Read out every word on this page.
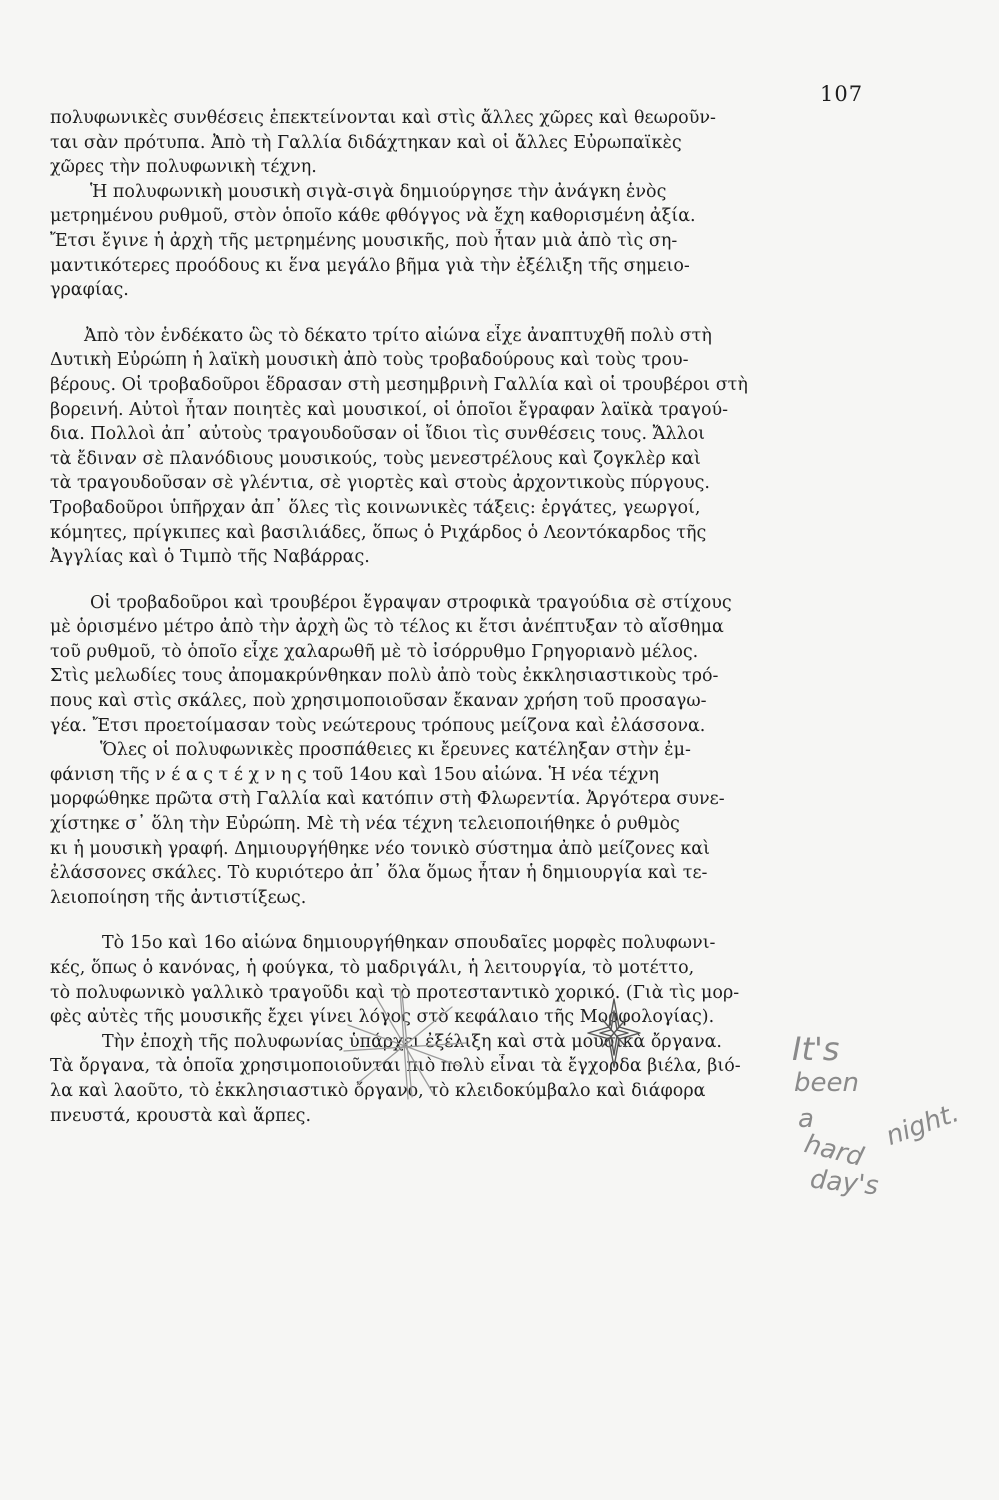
107
πολυφωνικὲς συνθέσεις ἐπεκτείνονται καὶ στὶς ἄλλες χῶρες καὶ θεωροῦν-
ται σὰν πρότυπα. Ἀπὸ τὴ Γαλλία διδάχτηκαν καὶ οἱ ἄλλες Εὐρωπαϊκὲς
χῶρες τὴν πολυφωνικὴ τέχνη.
Ἡ πολυφωνικὴ μουσικὴ σιγὰ-σιγὰ δημιούργησε τὴν ἀνάγκη ἑνὸς
μετρημένου ρυθμοῦ, στὸν ὁποῖο κάθε φθόγγος νὰ ἔχη καθορισμένη ἀξία.
Ἔτσι ἔγινε ἡ ἀρχὴ τῆς μετρημένης μουσικῆς, ποὺ ἦταν μιὰ ἀπὸ τὶς ση-
μαντικότερες προόδους κι ἕνα μεγάλο βῆμα γιὰ τὴν ἐξέλιξη τῆς σημειο-
γραφίας.
Ἀπὸ τὸν ἑνδέκατο ὣς τὸ δέκατο τρίτο αἰώνα εἶχε ἀναπτυχθῆ πολὺ στὴ
Δυτικὴ Εὐρώπη ἡ λαϊκὴ μουσικὴ ἀπὸ τοὺς τροβαδούρους καὶ τοὺς τρου-
βέρους. Οἱ τροβαδοῦροι ἕδρασαν στὴ μεσημβρινὴ Γαλλία καὶ οἱ τρουβέροι στὴ
βορεινή. Αὐτοὶ ἦταν ποιητὲς καὶ μουσικοί, οἱ ὁποῖοι ἔγραφαν λαϊκὰ τραγού-
δια. Πολλοὶ ἀπ᾽ αὐτοὺς τραγουδοῦσαν οἱ ἴδιοι τὶς συνθέσεις τους. Ἄλλοι
τὰ ἔδιναν σὲ πλανόδιους μουσικούς, τοὺς μενεστρέλους καὶ ζογκλὲρ καὶ
τὰ τραγουδοῦσαν σὲ γλέντια, σὲ γιορτὲς καὶ στοὺς ἀρχοντικοὺς πύργους.
Τροβαδοῦροι ὑπῆρχαν ἀπ᾽ ὅλες τὶς κοινωνικὲς τάξεις: ἐργάτες, γεωργοί,
κόμητες, πρίγκιπες καὶ βασιλιάδες, ὅπως ὁ Ριχάρδος ὁ Λεοντόκαρδος τῆς
Ἀγγλίας καὶ ὁ Τιμπὸ τῆς Ναβάρρας.
Οἱ τροβαδοῦροι καὶ τρουβέροι ἔγραψαν στροφικὰ τραγούδια σὲ στίχους
μὲ ὁρισμένο μέτρο ἀπὸ τὴν ἀρχὴ ὣς τὸ τέλος κι ἔτσι ἀνέπτυξαν τὸ αἴσθημα
τοῦ ρυθμοῦ, τὸ ὁποῖο εἶχε χαλαρωθῆ μὲ τὸ ἰσόρρυθμο Γρηγοριανὸ μέλος.
Στὶς μελωδίες τους ἀπομακρύνθηκαν πολὺ ἀπὸ τοὺς ἐκκλησιαστικοὺς τρό-
πους καὶ στὶς σκάλες, ποὺ χρησιμοποιοῦσαν ἔκαναν χρήση τοῦ προσαγω-
γέα. Ἔτσι προετοίμασαν τοὺς νεώτερους τρόπους μείζονα καὶ ἐλάσσονα.
Ὅλες οἱ πολυφωνικὲς προσπάθειες κι ἔρευνες κατέληξαν στὴν ἐμ-
φάνιση τῆς ν έ α ς τ έ χ ν η ς τοῦ 14ου καὶ 15ου αἰώνα. Ἡ νέα τέχνη
μορφώθηκε πρῶτα στὴ Γαλλία καὶ κατόπιν στὴ Φλωρεντία. Ἀργότερα συνε-
χίστηκε σ᾽ ὅλη τὴν Εὐρώπη. Μὲ τὴ νέα τέχνη τελειοποιήθηκε ὁ ρυθμὸς
κι ἡ μουσικὴ γραφή. Δημιουργήθηκε νέο τονικὸ σύστημα ἀπὸ μείζονες καὶ
ἐλάσσονες σκάλες. Τὸ κυριότερο ἀπ᾽ ὅλα ὅμως ἦταν ἡ δημιουργία καὶ τε-
λειοποίηση τῆς ἀντιστίξεως.
Τὸ 15ο καὶ 16ο αἰώνα δημιουργήθηκαν σπουδαῖες μορφὲς πολυφωνι-
κές, ὅπως ὁ κανόνας, ἡ φούγκα, τὸ μαδριγάλι, ἡ λειτουργία, τὸ μοτέττο,
τὸ πολυφωνικὸ γαλλικὸ τραγοῦδι καὶ τὸ προτεσταντικὸ χορικό. (Γιὰ τὶς μορ-
φὲς αὐτὲς τῆς μουσικῆς ἔχει γίνει λόγος στὸ κεφάλαιο τῆς Μορφολογίας).
Τὴν ἐποχὴ τῆς πολυφωνίας ὑπάρχει ἐξέλιξη καὶ στὰ μουσικὰ ὄργανα.
Τὰ ὄργανα, τὰ ὁποῖα χρησιμοποιοῦνται πιὸ πολὺ εἶναι τὰ ἔγχορδα βιέλα, βιό-
λα καὶ λαοῦτο, τὸ ἐκκλησιαστικὸ ὄργανο, τὸ κλειδοκύμβαλο καὶ διάφορα
πνευστά, κρουστὰ καὶ ἅρπες.
It's
been
a
hard
day's
night.
